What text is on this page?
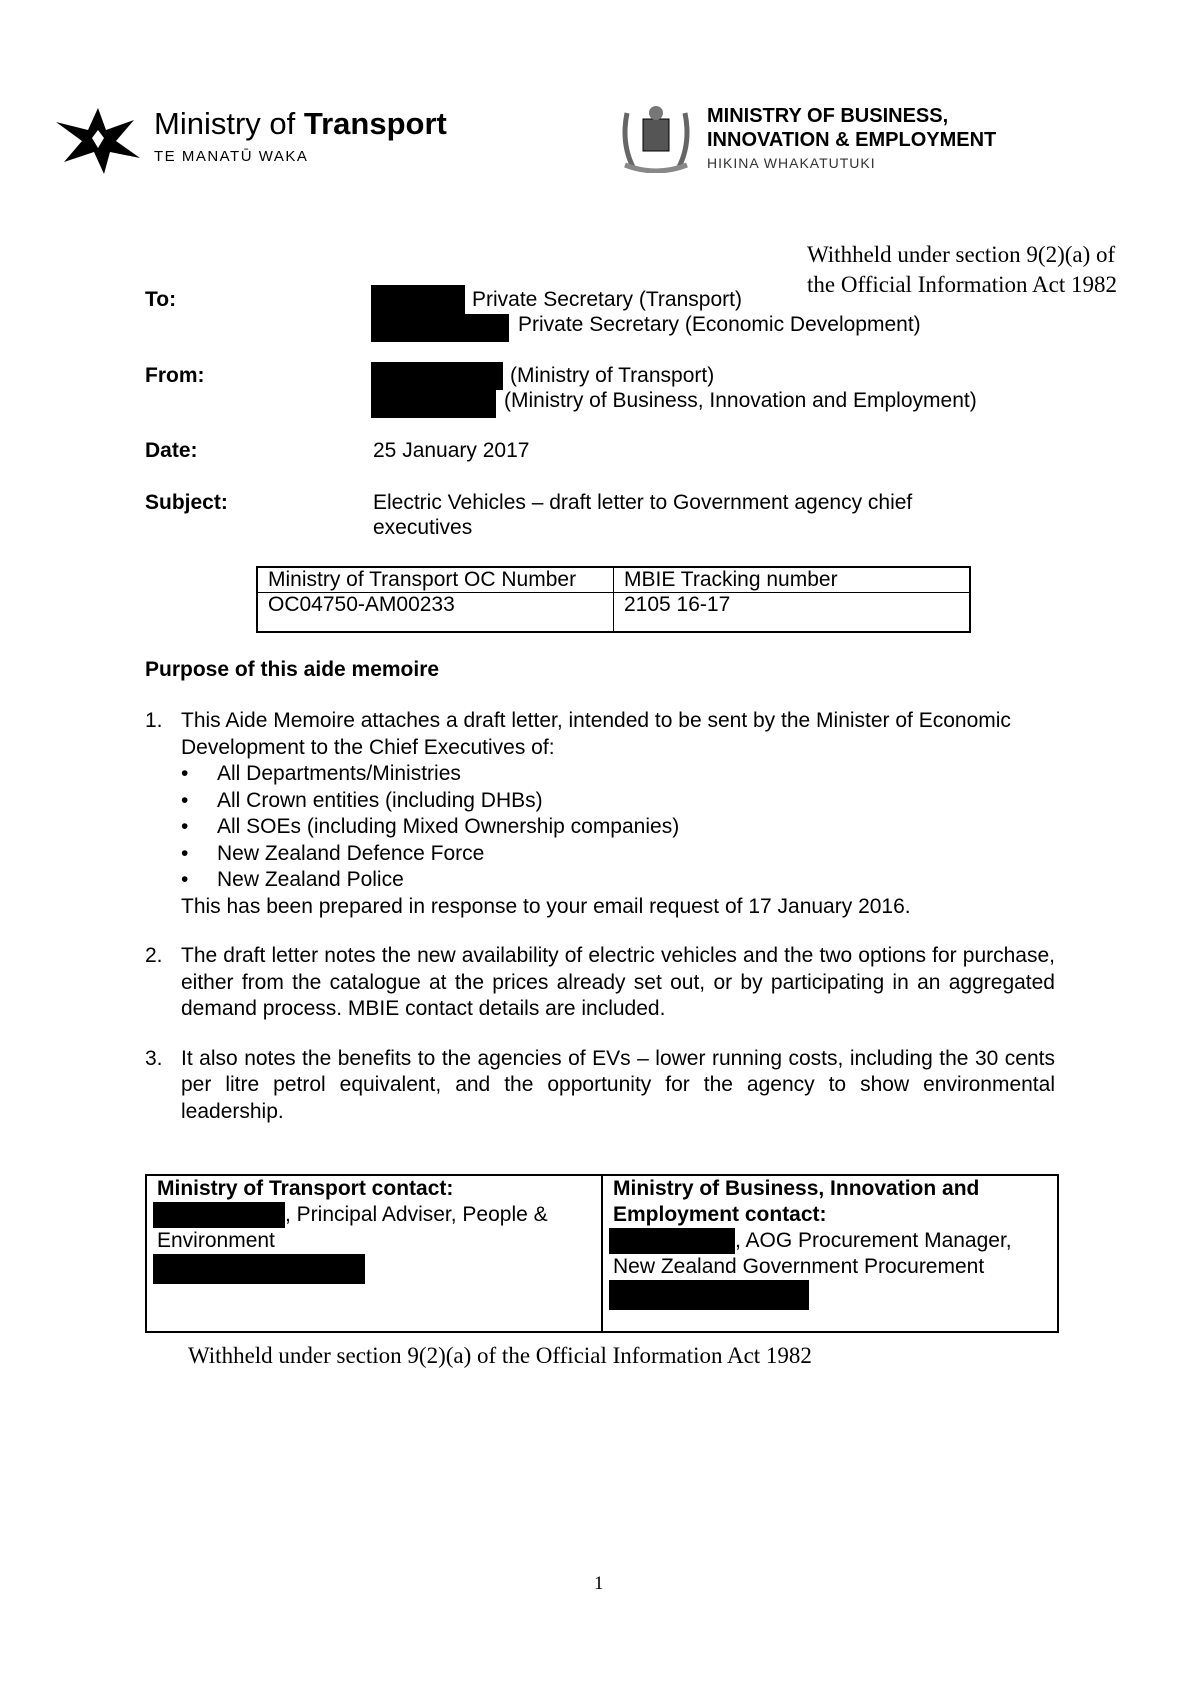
Ministry of Transport
TE MANATŪ WAKA
MINISTRY OF BUSINESS,
INNOVATION & EMPLOYMENT
HIKINA WHAKATUTUKI
Withheld under section 9(2)(a) of
the Official Information Act 1982
To:	Private Secretary (Transport)
Private Secretary (Economic Development)
From:	(Ministry of Transport)
(Ministry of Business, Innovation and Employment)
Date:	25 January 2017
Subject:	Electric Vehicles – draft letter to Government agency chief
executives
Ministry of Transport OC Number	MBIE Tracking number
OC04750-AM00233	2105 16-17
Purpose of this aide memoire
1. This Aide Memoire attaches a draft letter, intended to be sent by the Minister of Economic Development to the Chief Executives of:
• All Departments/Ministries
• All Crown entities (including DHBs)
• All SOEs (including Mixed Ownership companies)
• New Zealand Defence Force
• New Zealand Police
This has been prepared in response to your email request of 17 January 2016.
2. The draft letter notes the new availability of electric vehicles and the two options for purchase, either from the catalogue at the prices already set out, or by participating in an aggregated demand process. MBIE contact details are included.
3. It also notes the benefits to the agencies of EVs – lower running costs, including the 30 cents per litre petrol equivalent, and the opportunity for the agency to show environmental leadership.
Ministry of Transport contact:
, Principal Adviser, People &
Environment
Ministry of Business, Innovation and
Employment contact:
, AOG Procurement Manager,
New Zealand Government Procurement
Withheld under section 9(2)(a) of the Official Information Act 1982
1
